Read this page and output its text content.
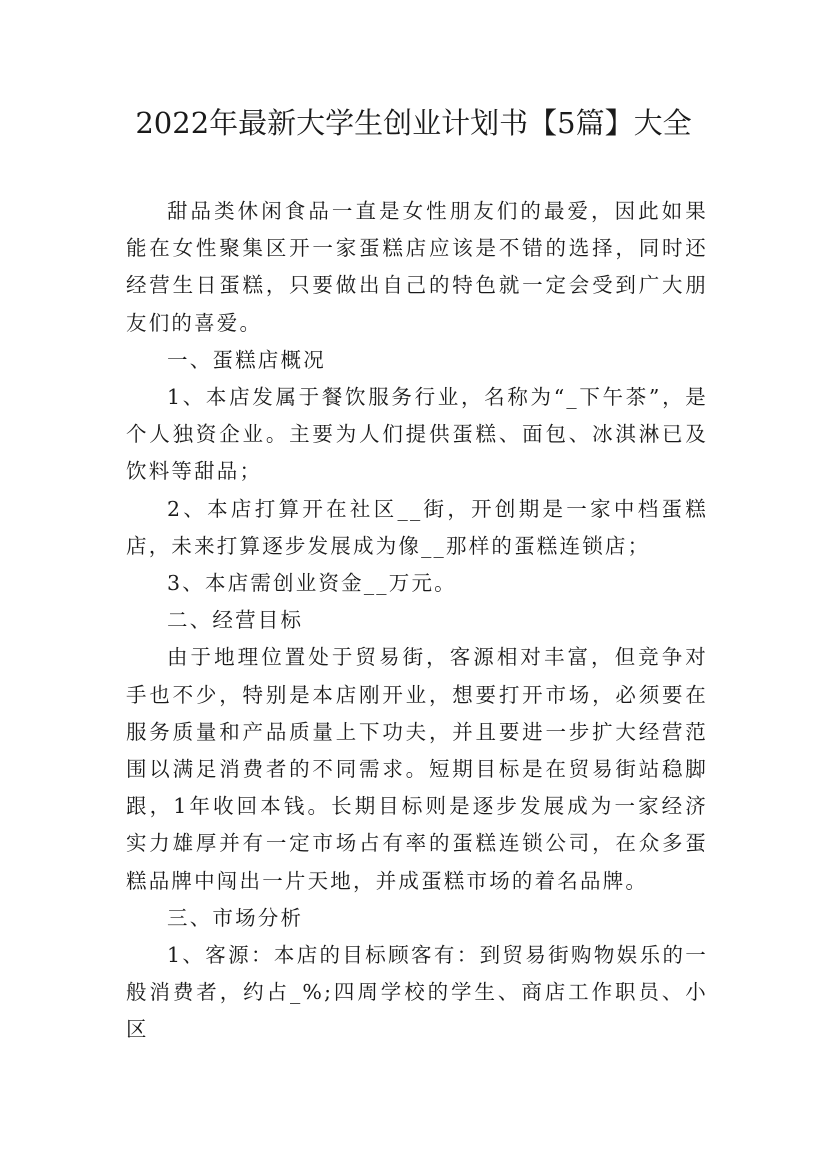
2022年最新大学生创业计划书【5篇】大全

甜品类休闲食品一直是女性朋友们的最爱，因此如果能在女性聚集区开一家蛋糕店应该是不错的选择，同时还经营生日蛋糕，只要做出自己的特色就一定会受到广大朋友们的喜爱。

一、蛋糕店概况

1、本店发属于餐饮服务行业，名称为“_下午茶”，是个人独资企业。主要为人们提供蛋糕、面包、冰淇淋已及饮料等甜品；

2、本店打算开在社区__街，开创期是一家中档蛋糕店，未来打算逐步发展成为像__那样的蛋糕连锁店；

3、本店需创业资金__万元。

二、经营目标

由于地理位置处于贸易街，客源相对丰富，但竞争对手也不少，特别是本店刚开业，想要打开市场，必须要在服务质量和产品质量上下功夫，并且要进一步扩大经营范围以满足消费者的不同需求。短期目标是在贸易街站稳脚跟，1年收回本钱。长期目标则是逐步发展成为一家经济实力雄厚并有一定市场占有率的蛋糕连锁公司，在众多蛋糕品牌中闯出一片天地，并成蛋糕市场的着名品牌。

三、市场分析

1、客源：本店的目标顾客有：到贸易街购物娱乐的一般消费者，约占_%;四周学校的学生、商店工作职员、小区
